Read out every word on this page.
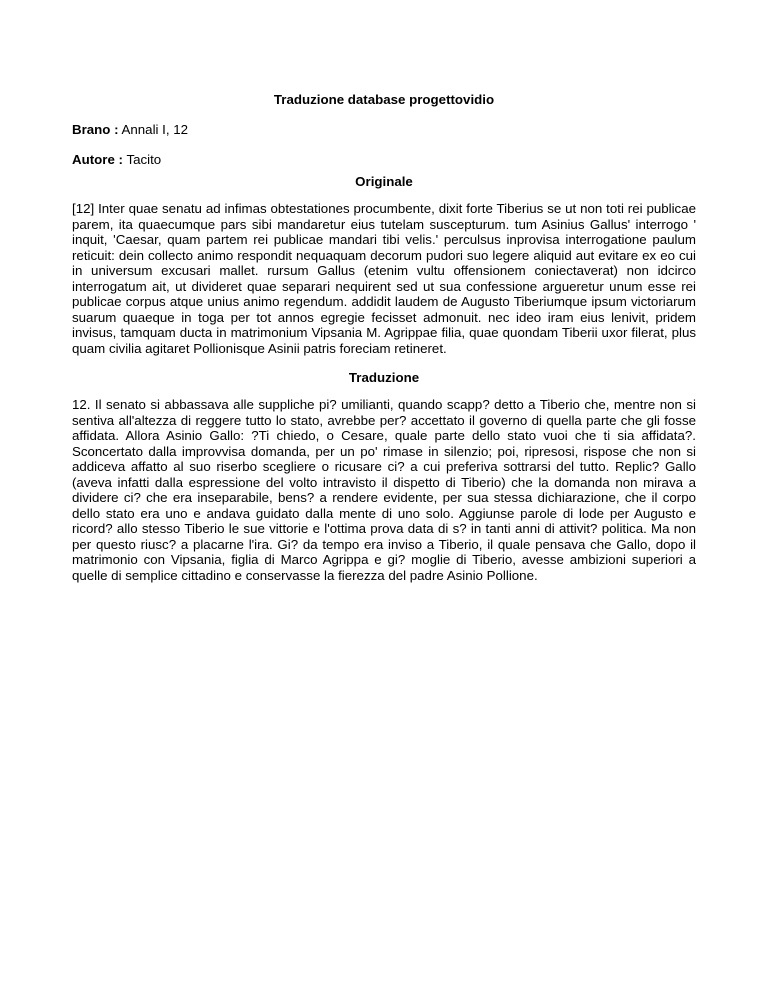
Traduzione database progettovidio
Brano : Annali I, 12
Autore : Tacito
Originale
[12] Inter quae senatu ad infimas obtestationes procumbente, dixit forte Tiberius se ut non toti rei publicae parem, ita quaecumque pars sibi mandaretur eius tutelam suscepturum. tum Asinius Gallus' interrogo ' inquit, 'Caesar, quam partem rei publicae mandari tibi velis.' perculsus inprovisa interrogatione paulum reticuit: dein collecto animo respondit nequaquam decorum pudori suo legere aliquid aut evitare ex eo cui in universum excusari mallet. rursum Gallus (etenim vultu offensionem coniectaverat) non idcirco interrogatum ait, ut divideret quae separari nequirent sed ut sua confessione argueretur unum esse rei publicae corpus atque unius animo regendum. addidit laudem de Augusto Tiberiumque ipsum victoriarum suarum quaeque in toga per tot annos egregie fecisset admonuit. nec ideo iram eius lenivit, pridem invisus, tamquam ducta in matrimonium Vipsania M. Agrippae filia, quae quondam Tiberii uxor filerat, plus quam civilia agitaret Pollionisque Asinii patris foreciam retineret.
Traduzione
12. Il senato si abbassava alle suppliche pi? umilianti, quando scapp? detto a Tiberio che, mentre non si sentiva all'altezza di reggere tutto lo stato, avrebbe per? accettato il governo di quella parte che gli fosse affidata. Allora Asinio Gallo: ?Ti chiedo, o Cesare, quale parte dello stato vuoi che ti sia affidata?. Sconcertato dalla improvvisa domanda, per un po' rimase in silenzio; poi, ripresosi, rispose che non si addiceva affatto al suo riserbo scegliere o ricusare ci? a cui preferiva sottrarsi del tutto. Replic? Gallo (aveva infatti dalla espressione del volto intravisto il dispetto di Tiberio) che la domanda non mirava a dividere ci? che era inseparabile, bens? a rendere evidente, per sua stessa dichiarazione, che il corpo dello stato era uno e andava guidato dalla mente di uno solo. Aggiunse parole di lode per Augusto e ricord? allo stesso Tiberio le sue vittorie e l'ottima prova data di s? in tanti anni di attivit? politica. Ma non per questo riusc? a placarne l'ira. Gi? da tempo era inviso a Tiberio, il quale pensava che Gallo, dopo il matrimonio con Vipsania, figlia di Marco Agrippa e gi? moglie di Tiberio, avesse ambizioni superiori a quelle di semplice cittadino e conservasse la fierezza del padre Asinio Pollione.
